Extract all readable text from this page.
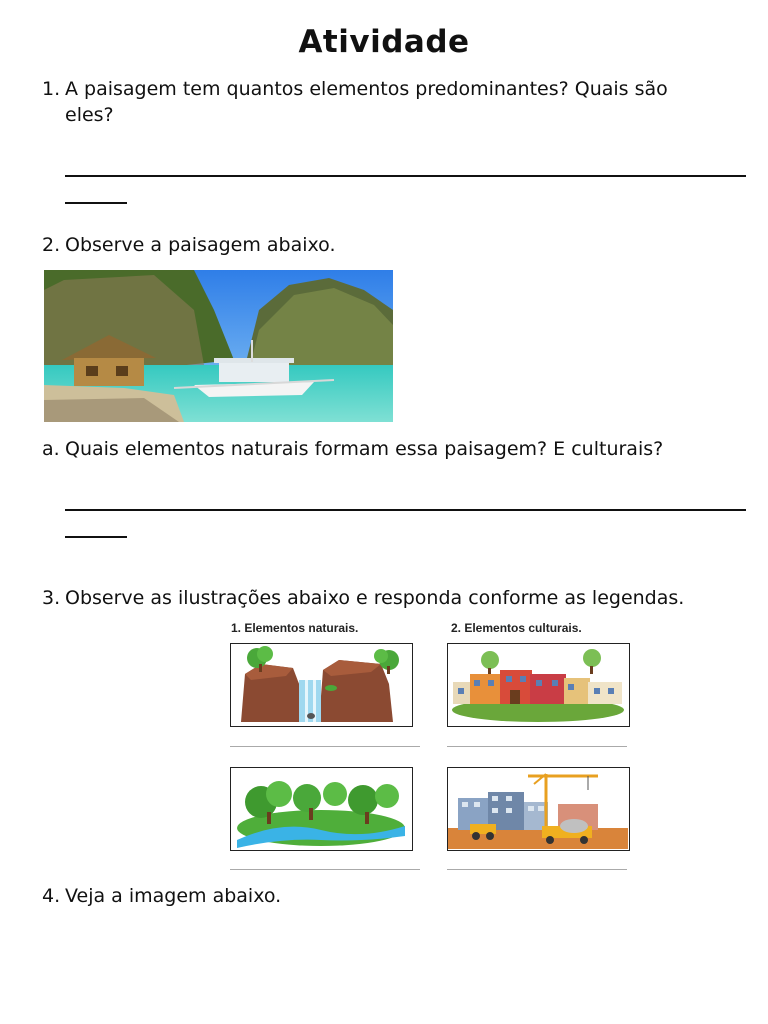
Atividade
1. A paisagem tem quantos elementos predominantes? Quais são
eles?
2. Observe a paisagem abaixo.
a. Quais elementos naturais formam essa paisagem? E culturais?
3. Observe as ilustrações abaixo e responda conforme as legendas.
1. Elementos naturais.	2. Elementos culturais.
4. Veja a imagem abaixo.
